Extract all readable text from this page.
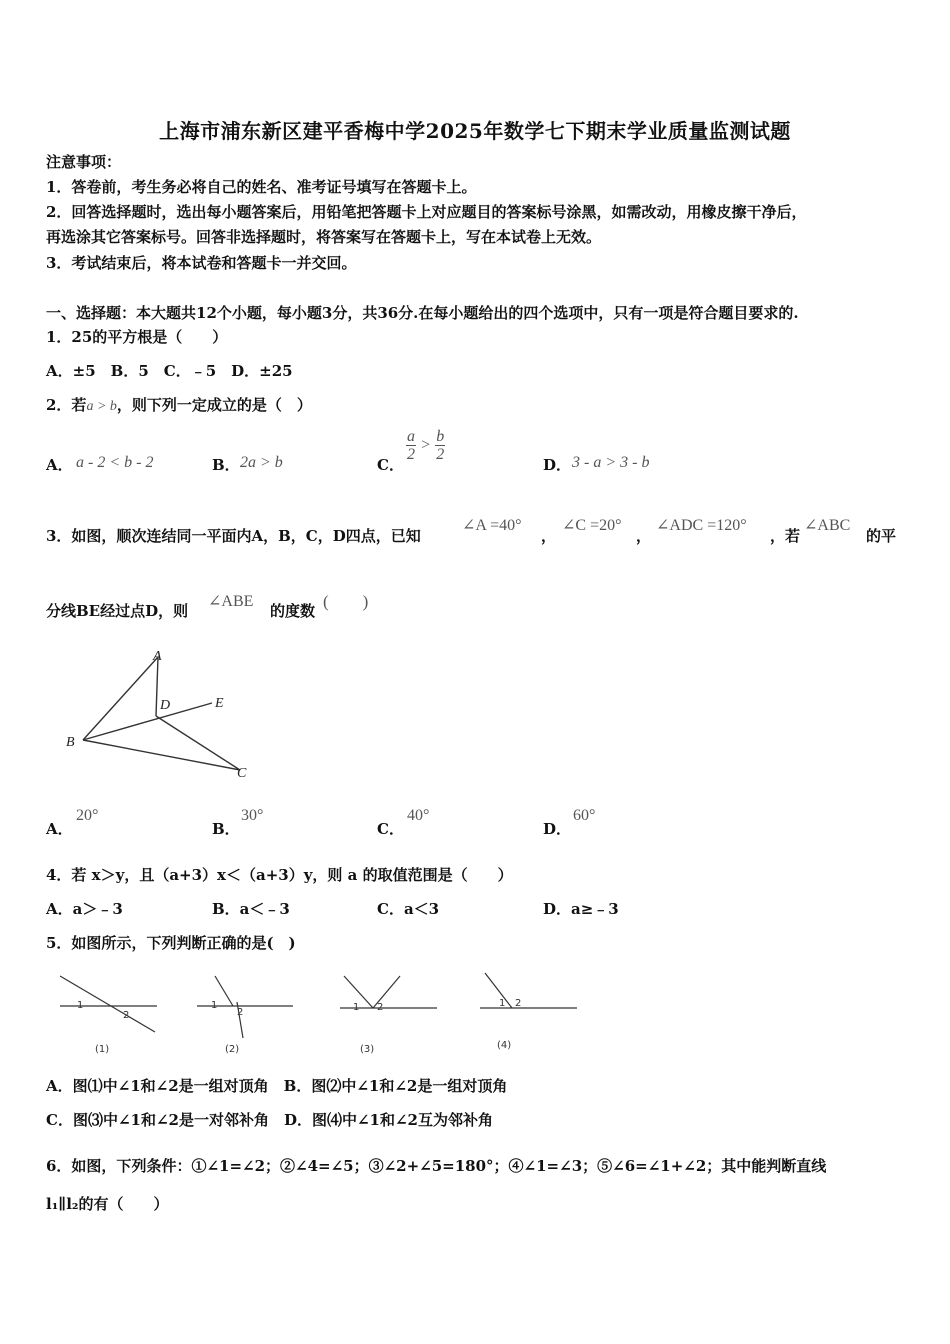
上海市浦东新区建平香梅中学2025年数学七下期末学业质量监测试题
注意事项：
1．答卷前，考生务必将自己的姓名、准考证号填写在答题卡上。
2．回答选择题时，选出每小题答案后，用铅笔把答题卡上对应题目的答案标号涂黑，如需改动，用橡皮擦干净后，
再选涂其它答案标号。回答非选择题时，将答案写在答题卡上，写在本试卷上无效。
3．考试结束后，将本试卷和答题卡一并交回。
一、选择题：本大题共12个小题，每小题3分，共36分.在每小题给出的四个选项中，只有一项是符合题目要求的.
1．25的平方根是（　　）
A．±5　B．5　C．﹣5　D．±25
2．若a > b，则下列一定成立的是（　）
A． a - 2 < b - 2	B． 2a > b	C．
$\frac{a}{2} > \frac{b}{2}$
D． 3 - a > 3 - b
3．如图，顺次连结同一平面内A，B，C，D四点，已知
∠A =40°
，
∠C =20°
，
∠ADC =120°
，若
∠ABC
的平
分线BE经过点D，则
∠ABE
的度数 (　　)
A
B
C
D	E
A．
20°
B．
30°
C．
40°
D．
60°
4．若 x＞y，且（a+3）x＜（a+3）y，则 a 的取值范围是（　　）
A．a＞﹣3	B．a＜﹣3	C．a＜3	D．a≥﹣3
5．如图所示，下列判断正确的是(　)
1
2
(1)
1
2
(2)
1 2
(3)
1 2
(4)
A．图⑴中∠1和∠2是一组对顶角　B．图⑵中∠1和∠2是一组对顶角
C．图⑶中∠1和∠2是一对邻补角　D．图⑷中∠1和∠2互为邻补角
6．如图，下列条件：①∠1=∠2；②∠4=∠5；③∠2+∠5=180°；④∠1=∠3；⑤∠6=∠1+∠2；其中能判断直线
l₁∥l₂的有（　　）
